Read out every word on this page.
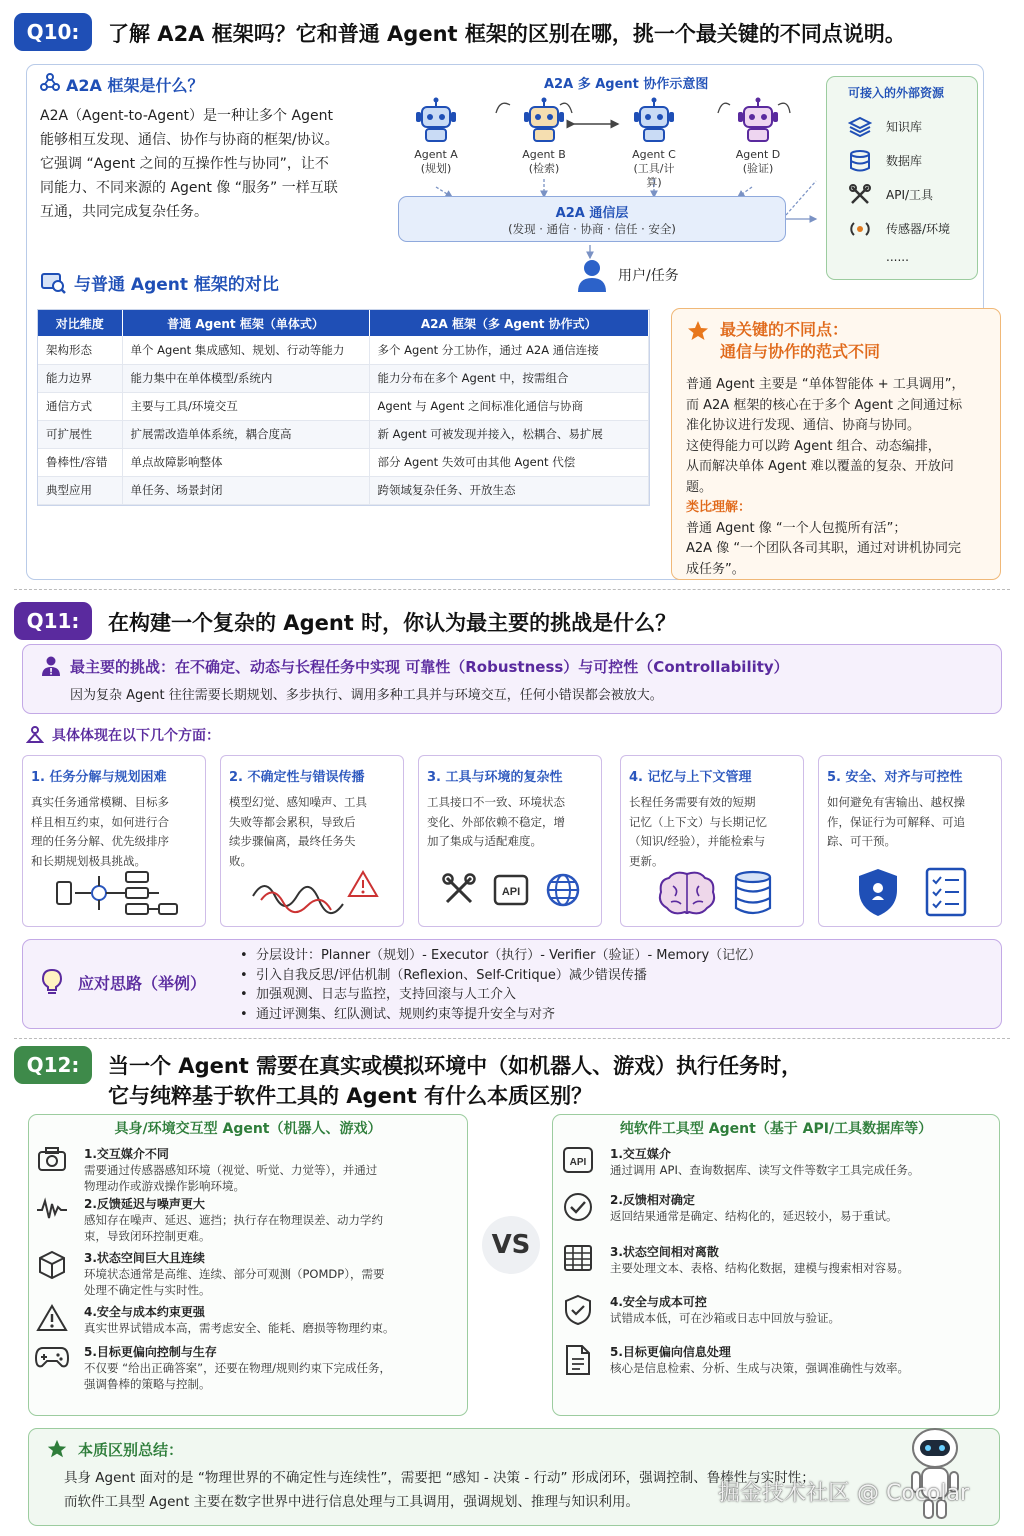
Q10:	了解 A2A 框架吗？它和普通 Agent 框架的区别在哪，挑一个最关键的不同点说明。
A2A 框架是什么？
A2A（Agent-to-Agent）是一种让多个 Agent
能够相互发现、通信、协作与协商的框架/协议。
它强调 “Agent 之间的互操作性与协同”，让不
同能力、不同来源的 Agent 像 “服务” 一样互联
互通，共同完成复杂任务。
A2A 多 Agent 协作示意图
Agent A
(规划)
Agent B
(检索)
Agent C
(工具/计算)
Agent D
(验证)
A2A 通信层
(发现 · 通信 · 协商 · 信任 · 安全)
用户/任务
可接入的外部资源
知识库
数据库
API/工具
传感器/环境
......
与普通 Agent 框架的对比
对比维度	普通 Agent 框架（单体式）	A2A 框架（多 Agent 协作式）
架构形态	单个 Agent 集成感知、规划、行动等能力	多个 Agent 分工协作，通过 A2A 通信连接
能力边界	能力集中在单体模型/系统内	能力分布在多个 Agent 中，按需组合
通信方式	主要与工具/环境交互	Agent 与 Agent 之间标准化通信与协商
可扩展性	扩展需改造单体系统，耦合度高	新 Agent 可被发现并接入，松耦合、易扩展
鲁棒性/容错	单点故障影响整体	部分 Agent 失效可由其他 Agent 代偿
典型应用	单任务、场景封闭	跨领域复杂任务、开放生态
最关键的不同点：
通信与协作的范式不同
普通 Agent 主要是 “单体智能体 + 工具调用”，
而 A2A 框架的核心在于多个 Agent 之间通过标
准化协议进行发现、通信、协商与协同。
这使得能力可以跨 Agent 组合、动态编排，
从而解决单体 Agent 难以覆盖的复杂、开放问
题。
类比理解：
普通 Agent 像 “一个人包揽所有活”；
A2A 像 “一个团队各司其职，通过对讲机协同完
成任务”。
Q11:	在构建一个复杂的 Agent 时，你认为最主要的挑战是什么？
! 最主要的挑战：在不确定、动态与长程任务中实现 可靠性（Robustness）与可控性（Controllability）
因为复杂 Agent 往往需要长期规划、多步执行、调用多种工具并与环境交互，任何小错误都会被放大。
具体体现在以下几个方面：
1. 任务分解与规划困难
真实任务通常模糊、目标多
样且相互约束，如何进行合
理的任务分解、优先级排序
和长期规划极具挑战。
2. 不确定性与错误传播
模型幻觉、感知噪声、工具
失败等都会累积，导致后
续步骤偏离，最终任务失
败。
3. 工具与环境的复杂性
工具接口不一致、环境状态
变化、外部依赖不稳定，增
加了集成与适配难度。
API
4. 记忆与上下文管理
长程任务需要有效的短期
记忆（上下文）与长期记忆
（知识/经验），并能检索与
更新。
5. 安全、对齐与可控性
如何避免有害输出、越权操
作，保证行为可解释、可追
踪、可干预。
应对思路（举例）
•  分层设计：Planner（规划）- Executor（执行）- Verifier（验证）- Memory（记忆）
•  引入自我反思/评估机制（Reflexion、Self-Critique）减少错误传播
•  加强观测、日志与监控，支持回滚与人工介入
•  通过评测集、红队测试、规则约束等提升安全与对齐
Q12:	当一个 Agent 需要在真实或模拟环境中（如机器人、游戏）执行任务时，
它与纯粹基于软件工具的 Agent 有什么本质区别？
具身/环境交互型 Agent（机器人、游戏）
1.交互媒介不同
需要通过传感器感知环境（视觉、听觉、力觉等），并通过
物理动作或游戏操作影响环境。
2.反馈延迟与噪声更大
感知存在噪声、延迟、遮挡；执行存在物理误差、动力学约
束，导致闭环控制更难。
3.状态空间巨大且连续
环境状态通常是高维、连续、部分可观测（POMDP），需要
处理不确定性与实时性。
4.安全与成本约束更强
真实世界试错成本高，需考虑安全、能耗、磨损等物理约束。
5.目标更偏向控制与生存
不仅要 “给出正确答案”，还要在物理/规则约束下完成任务，
强调鲁棒的策略与控制。
VS
纯软件工具型 Agent（基于 API/工具数据库等）
API
1.交互媒介
通过调用 API、查询数据库、读写文件等数字工具完成任务。
2.反馈相对确定
返回结果通常是确定、结构化的，延迟较小，易于重试。
3.状态空间相对离散
主要处理文本、表格、结构化数据，建模与搜索相对容易。
4.安全与成本可控
试错成本低，可在沙箱或日志中回放与验证。
5.目标更偏向信息处理
核心是信息检索、分析、生成与决策，强调准确性与效率。
本质区别总结：
具身 Agent 面对的是 “物理世界的不确定性与连续性”，需要把 “感知 - 决策 - 行动” 形成闭环，强调控制、鲁棒性与实时性；
而软件工具型 Agent 主要在数字世界中进行信息处理与工具调用，强调规划、推理与知识利用。	掘金技术社区 @ Cocolar
